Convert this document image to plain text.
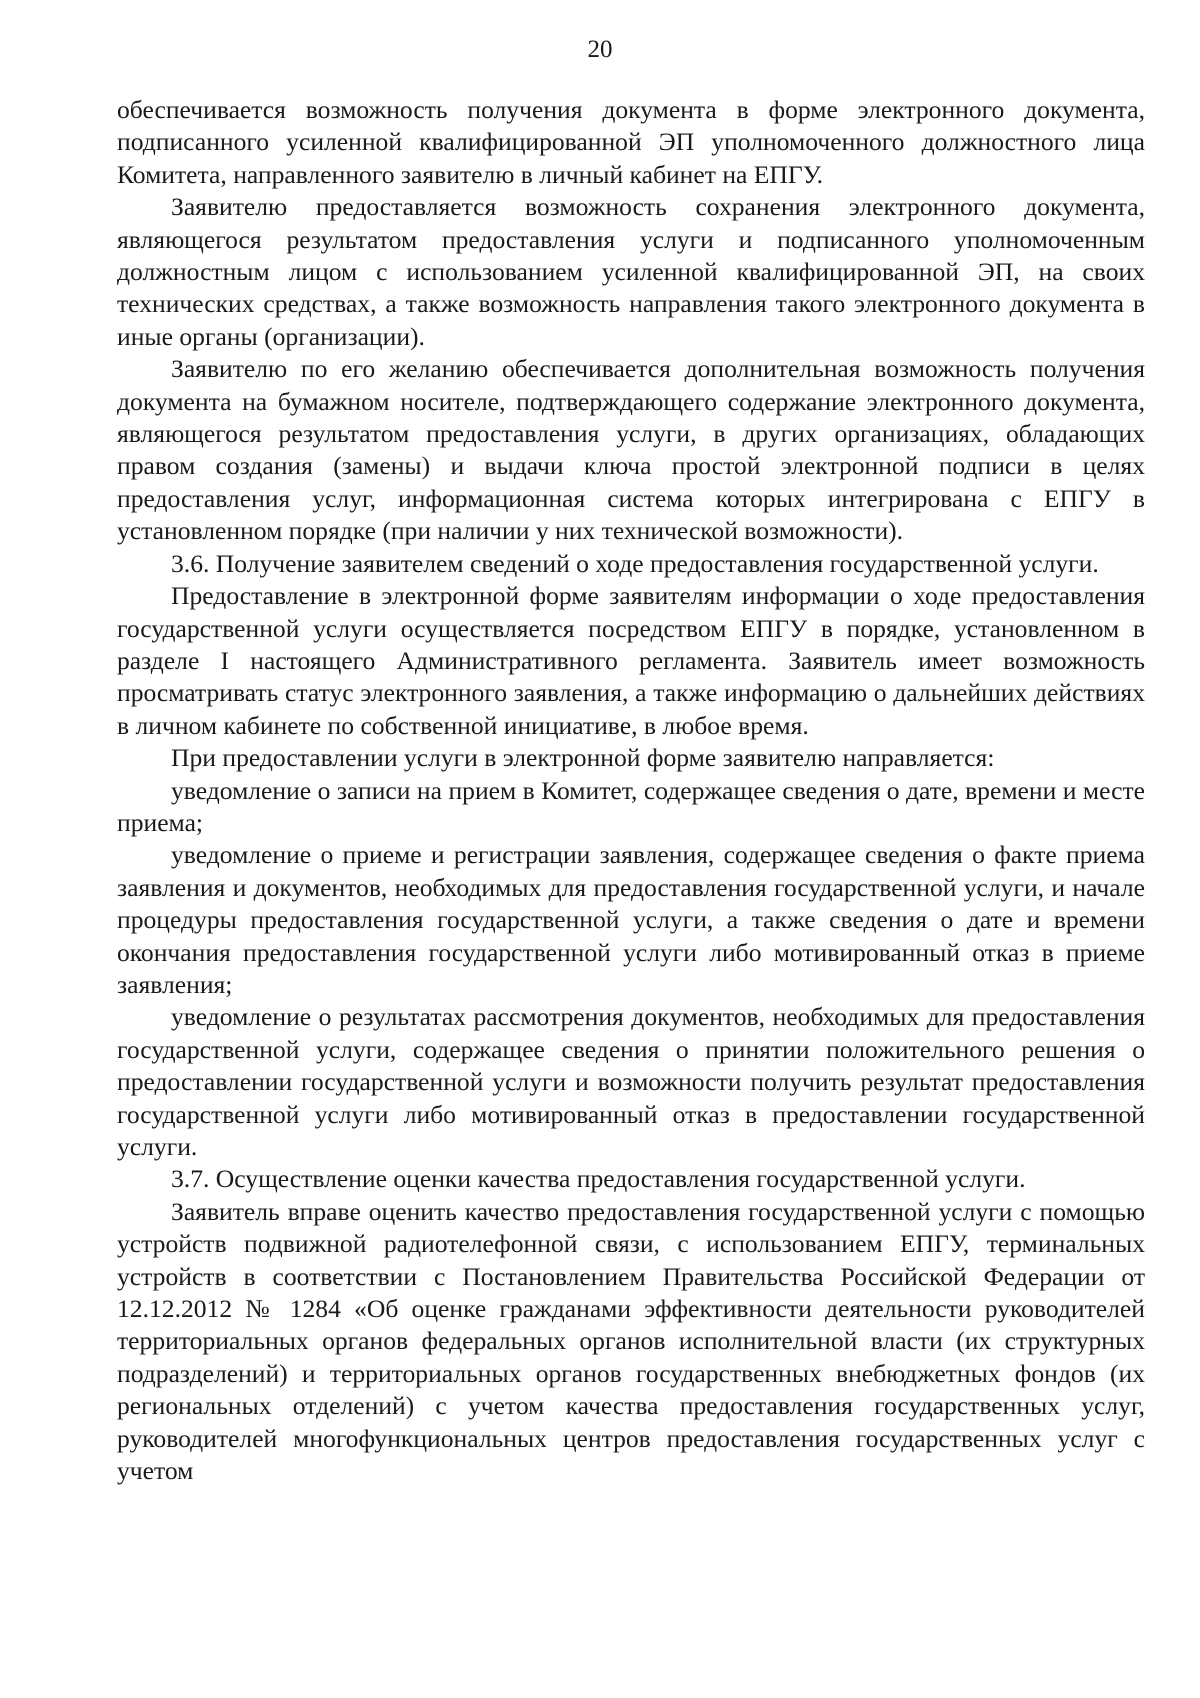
20

обеспечивается возможность получения документа в форме электронного документа, подписанного усиленной квалифицированной ЭП уполномоченного должностного лица Комитета, направленного заявителю в личный кабинет на ЕПГУ.

Заявителю предоставляется возможность сохранения электронного документа, являющегося результатом предоставления услуги и подписанного уполномоченным должностным лицом с использованием усиленной квалифицированной ЭП, на своих технических средствах, а также возможность направления такого электронного документа в иные органы (организации).

Заявителю по его желанию обеспечивается дополнительная возможность получения документа на бумажном носителе, подтверждающего содержание электронного документа, являющегося результатом предоставления услуги, в других организациях, обладающих правом создания (замены) и выдачи ключа простой электронной подписи в целях предоставления услуг, информационная система которых интегрирована с ЕПГУ в установленном порядке (при наличии у них технической возможности).

3.6. Получение заявителем сведений о ходе предоставления государственной услуги.

Предоставление в электронной форме заявителям информации о ходе предоставления государственной услуги осуществляется посредством ЕПГУ в порядке, установленном в разделе I настоящего Административного регламента. Заявитель имеет возможность просматривать статус электронного заявления, а также информацию о дальнейших действиях в личном кабинете по собственной инициативе, в любое время.

При предоставлении услуги в электронной форме заявителю направляется:

уведомление о записи на прием в Комитет, содержащее сведения о дате, времени и месте приема;

уведомление о приеме и регистрации заявления, содержащее сведения о факте приема заявления и документов, необходимых для предоставления государственной услуги, и начале процедуры предоставления государственной услуги, а также сведения о дате и времени окончания предоставления государственной услуги либо мотивированный отказ в приеме заявления;

уведомление о результатах рассмотрения документов, необходимых для предоставления государственной услуги, содержащее сведения о принятии положительного решения о предоставлении государственной услуги и возможности получить результат предоставления государственной услуги либо мотивированный отказ в предоставлении государственной услуги.

3.7. Осуществление оценки качества предоставления государственной услуги.

Заявитель вправе оценить качество предоставления государственной услуги с помощью устройств подвижной радиотелефонной связи, с использованием ЕПГУ, терминальных устройств в соответствии с Постановлением Правительства Российской Федерации от 12.12.2012 № 1284 «Об оценке гражданами эффективности деятельности руководителей территориальных органов федеральных органов исполнительной власти (их структурных подразделений) и территориальных органов государственных внебюджетных фондов (их региональных отделений) с учетом качества предоставления государственных услуг, руководителей многофункциональных центров предоставления государственных услуг с учетом
